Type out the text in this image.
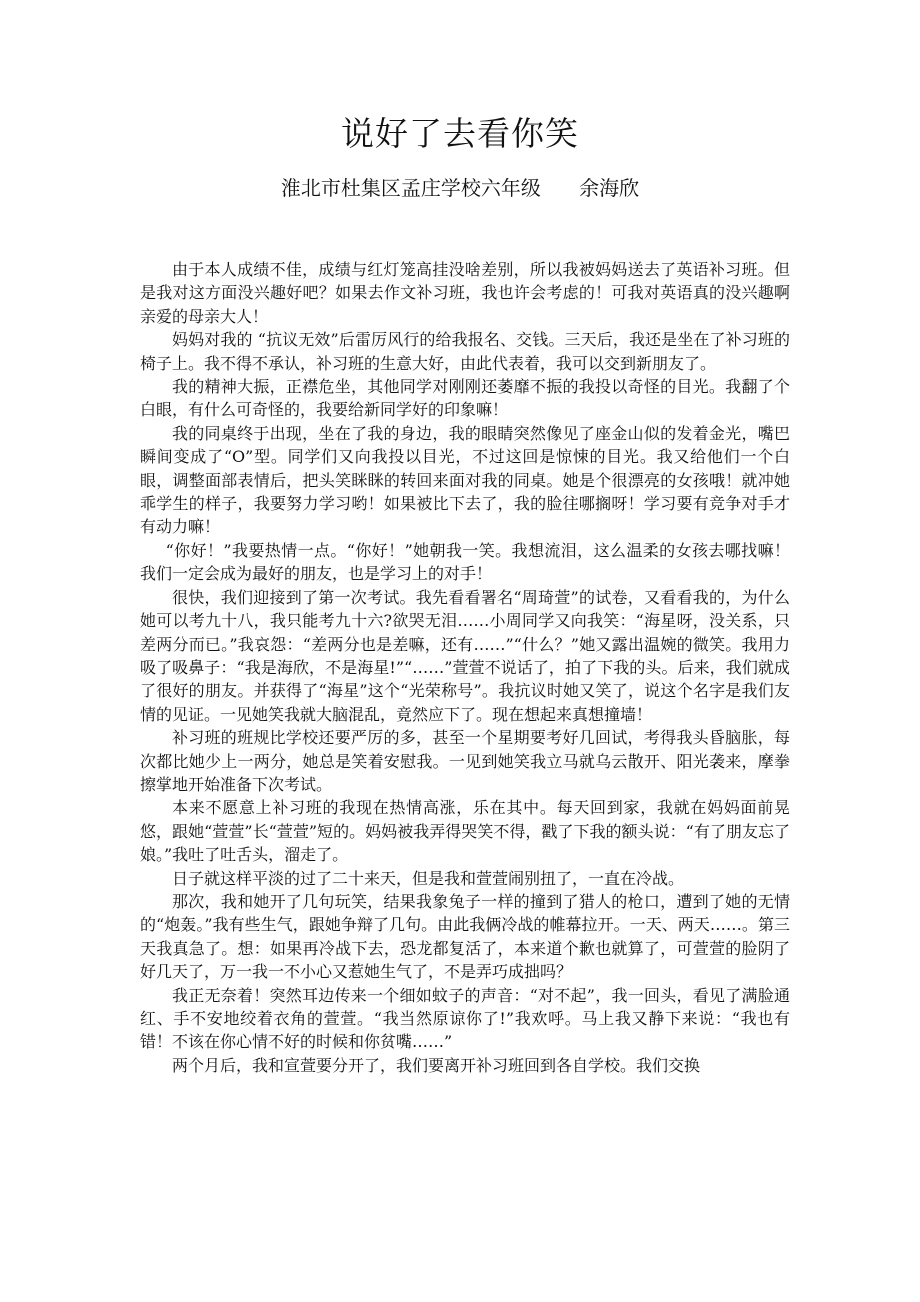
说好了去看你笑
淮北市杜集区孟庄学校六年级      余海欣

由于本人成绩不佳，成绩与红灯笼高挂没啥差别，所以我被妈妈送去了英语补习班。但是我对这方面没兴趣好吧？如果去作文补习班，我也许会考虑的！可我对英语真的没兴趣啊亲爱的母亲大人！

妈妈对我的 “抗议无效”后雷厉风行的给我报名、交钱。三天后，我还是坐在了补习班的椅子上。我不得不承认，补习班的生意大好，由此代表着，我可以交到新朋友了。

我的精神大振，正襟危坐，其他同学对刚刚还萎靡不振的我投以奇怪的目光。我翻了个白眼，有什么可奇怪的，我要给新同学好的印象嘛！

我的同桌终于出现，坐在了我的身边，我的眼睛突然像见了座金山似的发着金光，嘴巴瞬间变成了“O”型。同学们又向我投以目光，不过这回是惊悚的目光。我又给他们一个白眼，调整面部表情后，把头笑眯眯的转回来面对我的同桌。她是个很漂亮的女孩哦！就冲她乖学生的样子，我要努力学习哟！如果被比下去了，我的脸往哪搁呀！学习要有竞争对手才有动力嘛！

“你好！”我要热情一点。“你好！”她朝我一笑。我想流泪，这么温柔的女孩去哪找嘛！我们一定会成为最好的朋友，也是学习上的对手！

很快，我们迎接到了第一次考试。我先看看署名“周琦萱”的试卷，又看看我的，为什么她可以考九十八，我只能考九十六?欲哭无泪……小周同学又向我笑：“海星呀，没关系，只差两分而已。”我哀怨：“差两分也是差嘛，还有……”“什么？”她又露出温婉的微笑。我用力吸了吸鼻子：“我是海欣，不是海星!”“……”萱萱不说话了，拍了下我的头。后来，我们就成了很好的朋友。并获得了“海星”这个“光荣称号”。我抗议时她又笑了，说这个名字是我们友情的见证。一见她笑我就大脑混乱，竟然应下了。现在想起来真想撞墙！

补习班的班规比学校还要严厉的多，甚至一个星期要考好几回试，考得我头昏脑胀，每次都比她少上一两分，她总是笑着安慰我。一见到她笑我立马就乌云散开、阳光袭来，摩拳擦掌地开始准备下次考试。

本来不愿意上补习班的我现在热情高涨，乐在其中。每天回到家，我就在妈妈面前晃悠，跟她“萱萱”长“萱萱”短的。妈妈被我弄得哭笑不得，戳了下我的额头说：“有了朋友忘了娘。”我吐了吐舌头，溜走了。

日子就这样平淡的过了二十来天，但是我和萱萱闹别扭了，一直在冷战。

那次，我和她开了几句玩笑，结果我象兔子一样的撞到了猎人的枪口，遭到了她的无情的“炮轰。”我有些生气，跟她争辩了几句。由此我俩冷战的帷幕拉开。一天、两天……。第三天我真急了。想：如果再冷战下去，恐龙都复活了，本来道个歉也就算了，可萱萱的脸阴了好几天了，万一我一不小心又惹她生气了，不是弄巧成拙吗？

我正无奈着！突然耳边传来一个细如蚊子的声音：“对不起”，我一回头，看见了满脸通红、手不安地绞着衣角的萱萱。“我当然原谅你了!”我欢呼。马上我又静下来说：“我也有错！不该在你心情不好的时候和你贫嘴……”

两个月后，我和宣萱要分开了，我们要离开补习班回到各自学校。我们交换
